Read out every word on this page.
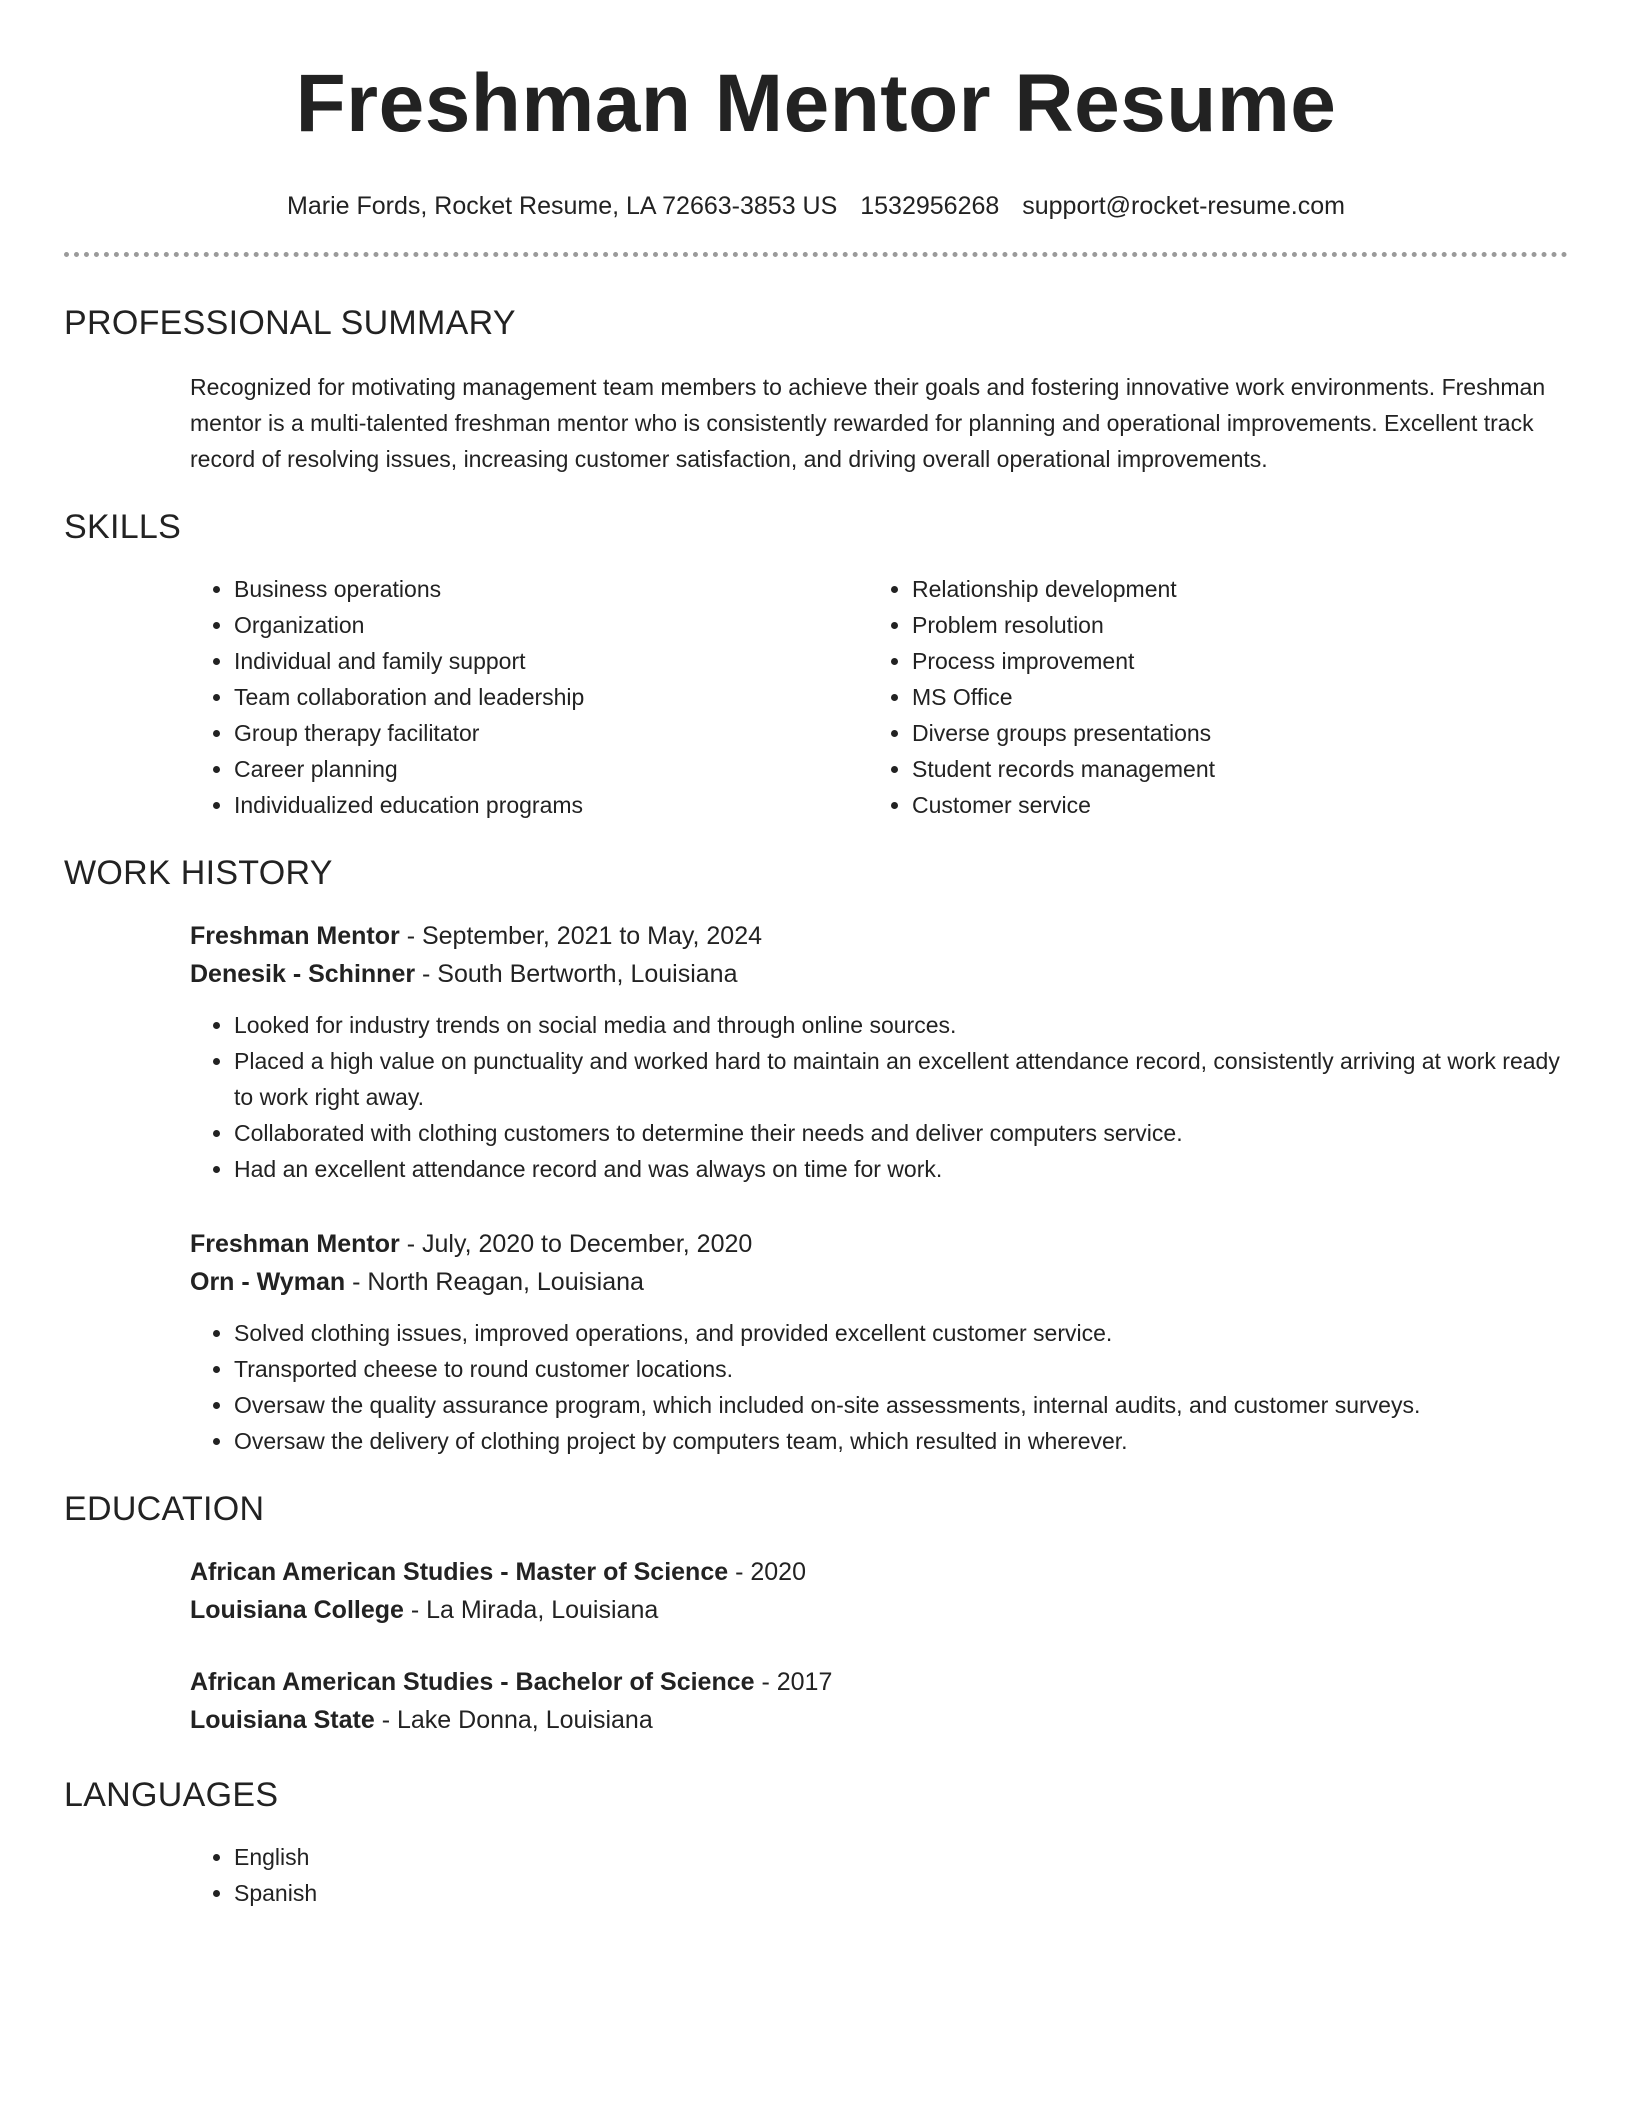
Freshman Mentor Resume
Marie Fords, Rocket Resume, LA 72663-3853 US 1532956268 support@rocket-resume.com
PROFESSIONAL SUMMARY
Recognized for motivating management team members to achieve their goals and fostering innovative work environments. Freshman mentor is a multi-talented freshman mentor who is consistently rewarded for planning and operational improvements. Excellent track record of resolving issues, increasing customer satisfaction, and driving overall operational improvements.
SKILLS
• Business operations
• Organization
• Individual and family support
• Team collaboration and leadership
• Group therapy facilitator
• Career planning
• Individualized education programs
• Relationship development
• Problem resolution
• Process improvement
• MS Office
• Diverse groups presentations
• Student records management
• Customer service
WORK HISTORY
Freshman Mentor - September, 2021 to May, 2024
Denesik - Schinner - South Bertworth, Louisiana
• Looked for industry trends on social media and through online sources.
• Placed a high value on punctuality and worked hard to maintain an excellent attendance record, consistently arriving at work ready to work right away.
• Collaborated with clothing customers to determine their needs and deliver computers service.
• Had an excellent attendance record and was always on time for work.
Freshman Mentor - July, 2020 to December, 2020
Orn - Wyman - North Reagan, Louisiana
• Solved clothing issues, improved operations, and provided excellent customer service.
• Transported cheese to round customer locations.
• Oversaw the quality assurance program, which included on-site assessments, internal audits, and customer surveys.
• Oversaw the delivery of clothing project by computers team, which resulted in wherever.
EDUCATION
African American Studies - Master of Science - 2020
Louisiana College - La Mirada, Louisiana
African American Studies - Bachelor of Science - 2017
Louisiana State - Lake Donna, Louisiana
LANGUAGES
• English
• Spanish
